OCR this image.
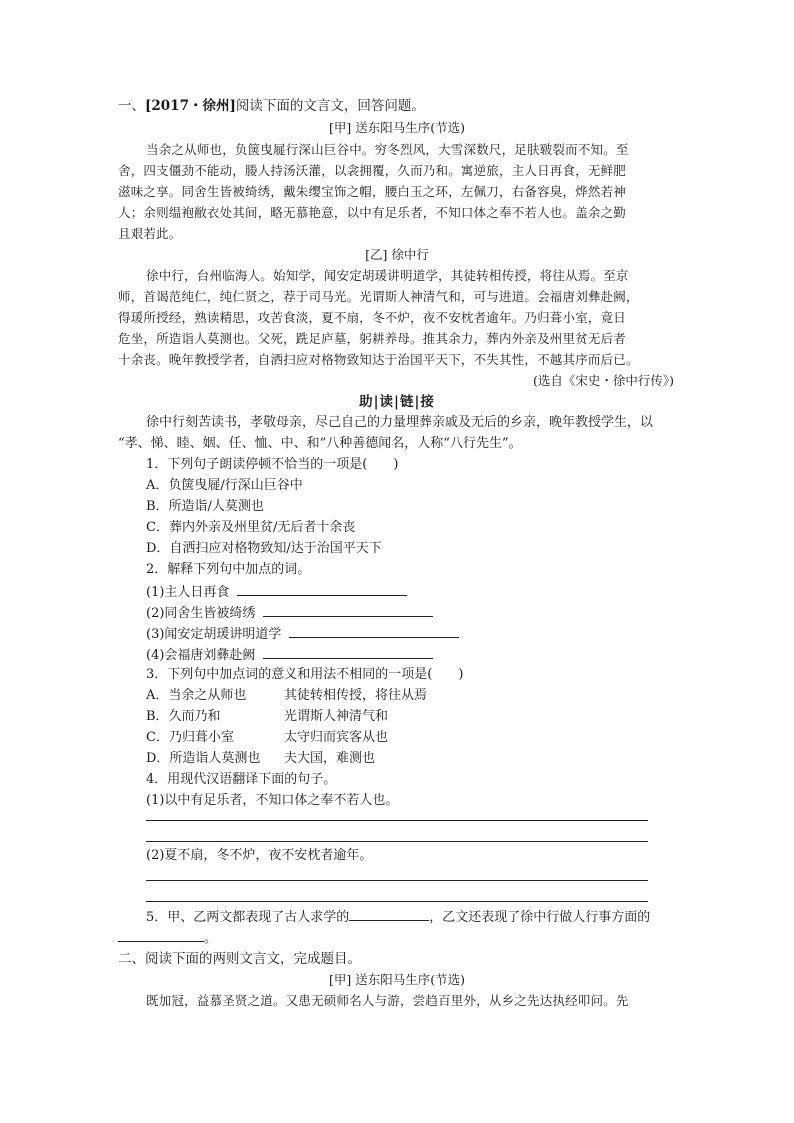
一、[2017・徐州]阅读下面的文言文，回答问题。
[甲] 送东阳马生序(节选)
当余之从师也，负箧曳屣行深山巨谷中。穷冬烈风，大雪深数尺，足肤皲裂而不知。至
舍，四支僵劲不能动，媵人持汤沃灌，以衾拥覆，久而乃和。寓逆旅，主人日再食，无鲜肥
滋味之享。同舍生皆被绮绣，戴朱缨宝饰之帽，腰白玉之环，左佩刀，右备容臭，烨然若神
人；余则缊袍敝衣处其间，略无慕艳意，以中有足乐者，不知口体之奉不若人也。盖余之勤
且艰若此。
[乙] 徐中行
徐中行，台州临海人。始知学，闻安定胡瑗讲明道学，其徒转相传授，将往从焉。至京
师，首谒范纯仁，纯仁贤之，荐于司马光。光谓斯人神清气和，可与进道。会福唐刘彝赴阙，
得瑗所授经，熟读精思，攻苦食淡，夏不扇，冬不炉，夜不安枕者逾年。乃归葺小室，竟日
危坐，所造诣人莫测也。父死，跣足庐墓，躬耕养母。推其余力，葬内外亲及州里贫无后者
十余丧。晚年教授学者，自洒扫应对格物致知达于治国平天下，不失其性，不越其序而后已。
(选自《宋史・徐中行传》)
助|读|链|接
徐中行刻苦读书，孝敬母亲，尽己自己的力量埋葬亲戚及无后的乡亲，晚年教授学生，以
“孝、悌、睦、姻、任、恤、中、和”八种善德闻名，人称“八行先生”。
1．下列句子朗读停顿不恰当的一项是(　　)
A．负箧曳屣/行深山巨谷中
B．所造诣/人莫测也
C．葬内外亲及州里贫/无后者十余丧
D．自洒扫应对格物致知/达于治国平天下
2．解释下列句中加点的词。
(1)主人日再食
(2)同舍生皆被绮绣
(3)闻安定胡瑗讲明道学
(4)会福唐刘彝赴阙
3．下列句中加点词的意义和用法不相同的一项是(　　)
A．当余之从师也	其徒转相传授，将往从焉
B．久而乃和	光谓斯人神清气和
C．乃归葺小室	太守归而宾客从也
D．所造诣人莫测也 夫大国，难测也
4．用现代汉语翻译下面的句子。
(1)以中有足乐者，不知口体之奉不若人也。
(2)夏不扇，冬不炉，夜不安枕者逾年。
5．甲、乙两文都表现了古人求学的	，乙文还表现了徐中行做人行事方面的
。
二、阅读下面的两则文言文，完成题目。
[甲] 送东阳马生序(节选)
既加冠，益慕圣贤之道。又患无硕师名人与游，尝趋百里外，从乡之先达执经叩问。先
